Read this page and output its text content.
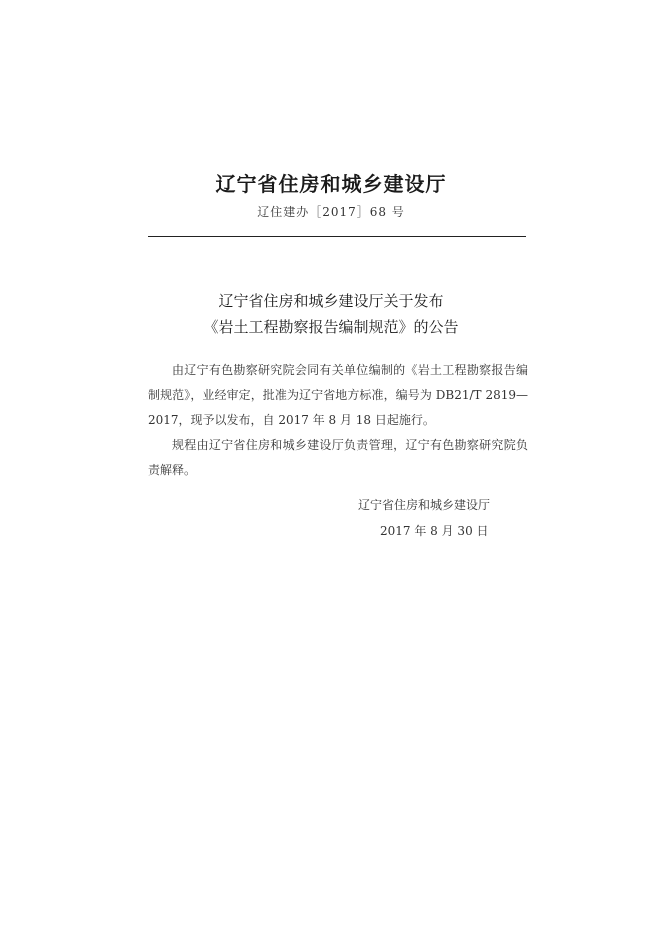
辽宁省住房和城乡建设厅
辽住建办［2017］68 号
辽宁省住房和城乡建设厅关于发布
《岩土工程勘察报告编制规范》的公告

由辽宁有色勘察研究院会同有关单位编制的《岩土工程勘察报告编制规范》，业经审定，批准为辽宁省地方标准，编号为 DB21/T 2819—2017，现予以发布，自 2017 年 8 月 18 日起施行。

规程由辽宁省住房和城乡建设厅负责管理，辽宁有色勘察研究院负责解释。

辽宁省住房和城乡建设厅
2017 年 8 月 30 日
